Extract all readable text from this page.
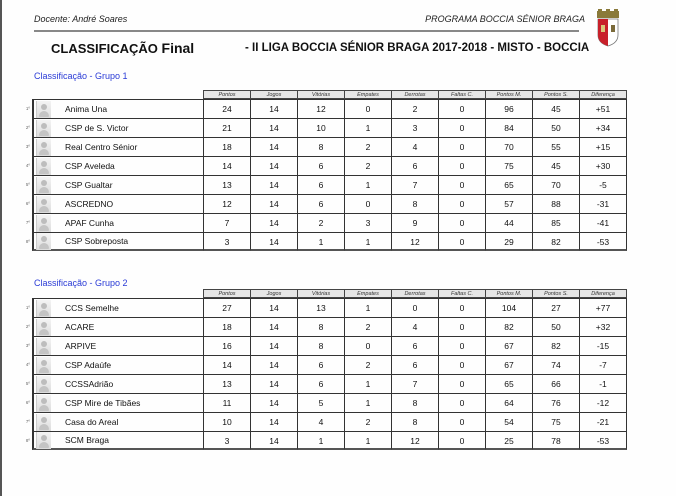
Docente: André Soares	PROGRAMA BOCCIA SÉNIOR BRAGA
CLASSIFICAÇÃO Final	- II LIGA BOCCIA SÉNIOR BRAGA 2017-2018 - MISTO - BOCCIA
Classificação - Grupo 1
Pontos	Jogos	Vitórias	Empates	Derrotas	Faltas C.	Pontos M.	Pontos S.	Diferença
1º	Anima Una	24	14	12	0	2	0	96	45	+51
2º	CSP de S. Victor	21	14	10	1	3	0	84	50	+34
3º	Real Centro Sénior	18	14	8	2	4	0	70	55	+15
4º	CSP Aveleda	14	14	6	2	6	0	75	45	+30
5º	CSP Gualtar	13	14	6	1	7	0	65	70	-5
6º	ASCREDNO	12	14	6	0	8	0	57	88	-31
7º	APAF Cunha	7	14	2	3	9	0	44	85	-41
8º	CSP Sobreposta	3	14	1	1	12	0	29	82	-53
Classificação - Grupo 2
Pontos	Jogos	Vitórias	Empates	Derrotas	Faltas C.	Pontos M.	Pontos S.	Diferença
1º	CCS Semelhe	27	14	13	1	0	0	104	27	+77
2º	ACARE	18	14	8	2	4	0	82	50	+32
3º	ARPIVE	16	14	8	0	6	0	67	82	-15
4º	CSP Adaúfe	14	14	6	2	6	0	67	74	-7
5º	CCSSAdrião	13	14	6	1	7	0	65	66	-1
6º	CSP Mire de Tibães	11	14	5	1	8	0	64	76	-12
7º	Casa do Areal	10	14	4	2	8	0	54	75	-21
8º	SCM Braga	3	14	1	1	12	0	25	78	-53
